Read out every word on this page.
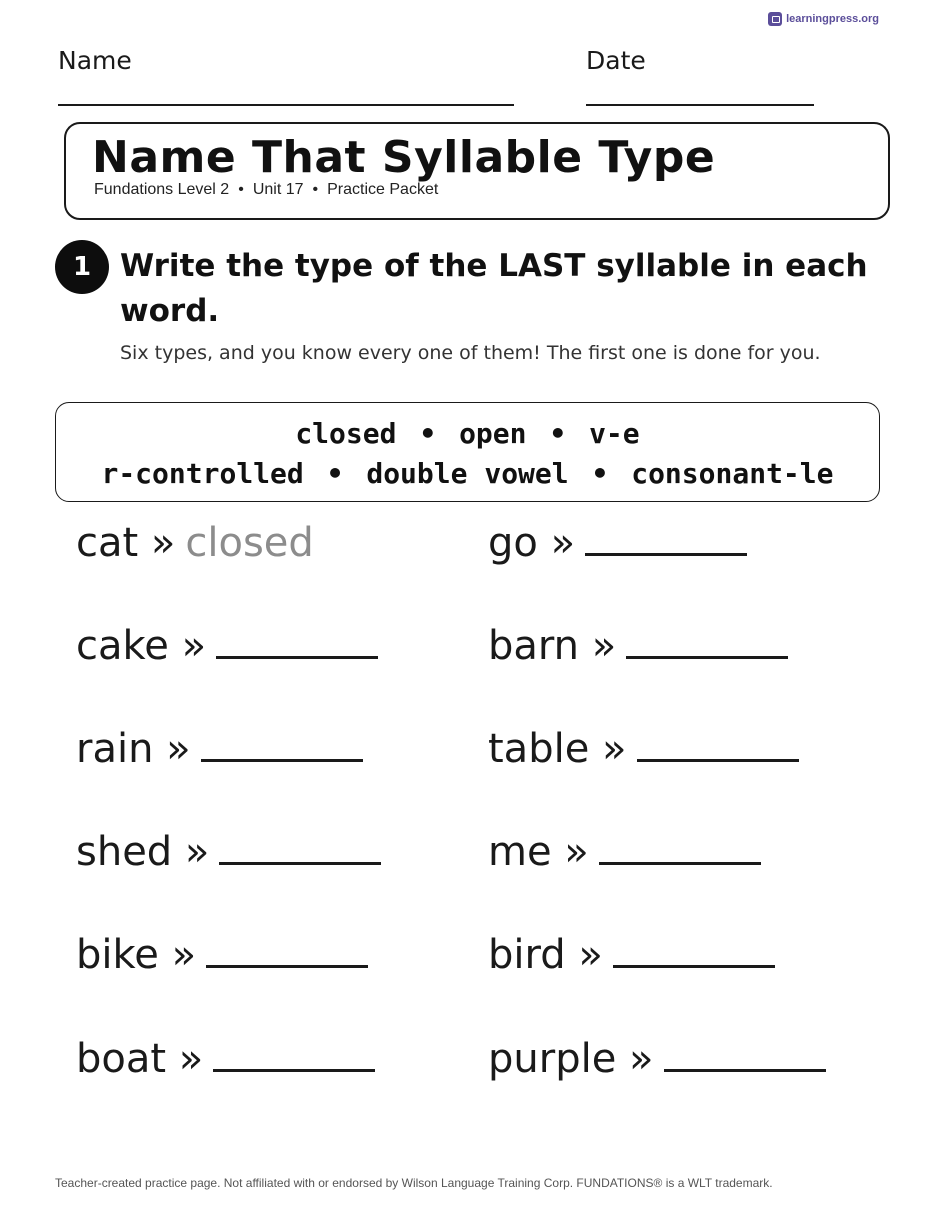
learningpress.org
Name	Date
Name That Syllable Type
Fundations Level 2 • Unit 17 • Practice Packet
1 Write the type of the LAST syllable in each word.
Six types, and you know every one of them! The first one is done for you.
closed • open • v-e
r-controlled • double vowel • consonant-le
cat » closed	go »
cake »	barn »
rain »	table »
shed »	me »
bike »	bird »
boat »	purple »
Teacher-created practice page. Not affiliated with or endorsed by Wilson Language Training Corp. FUNDATIONS® is a WLT trademark.
